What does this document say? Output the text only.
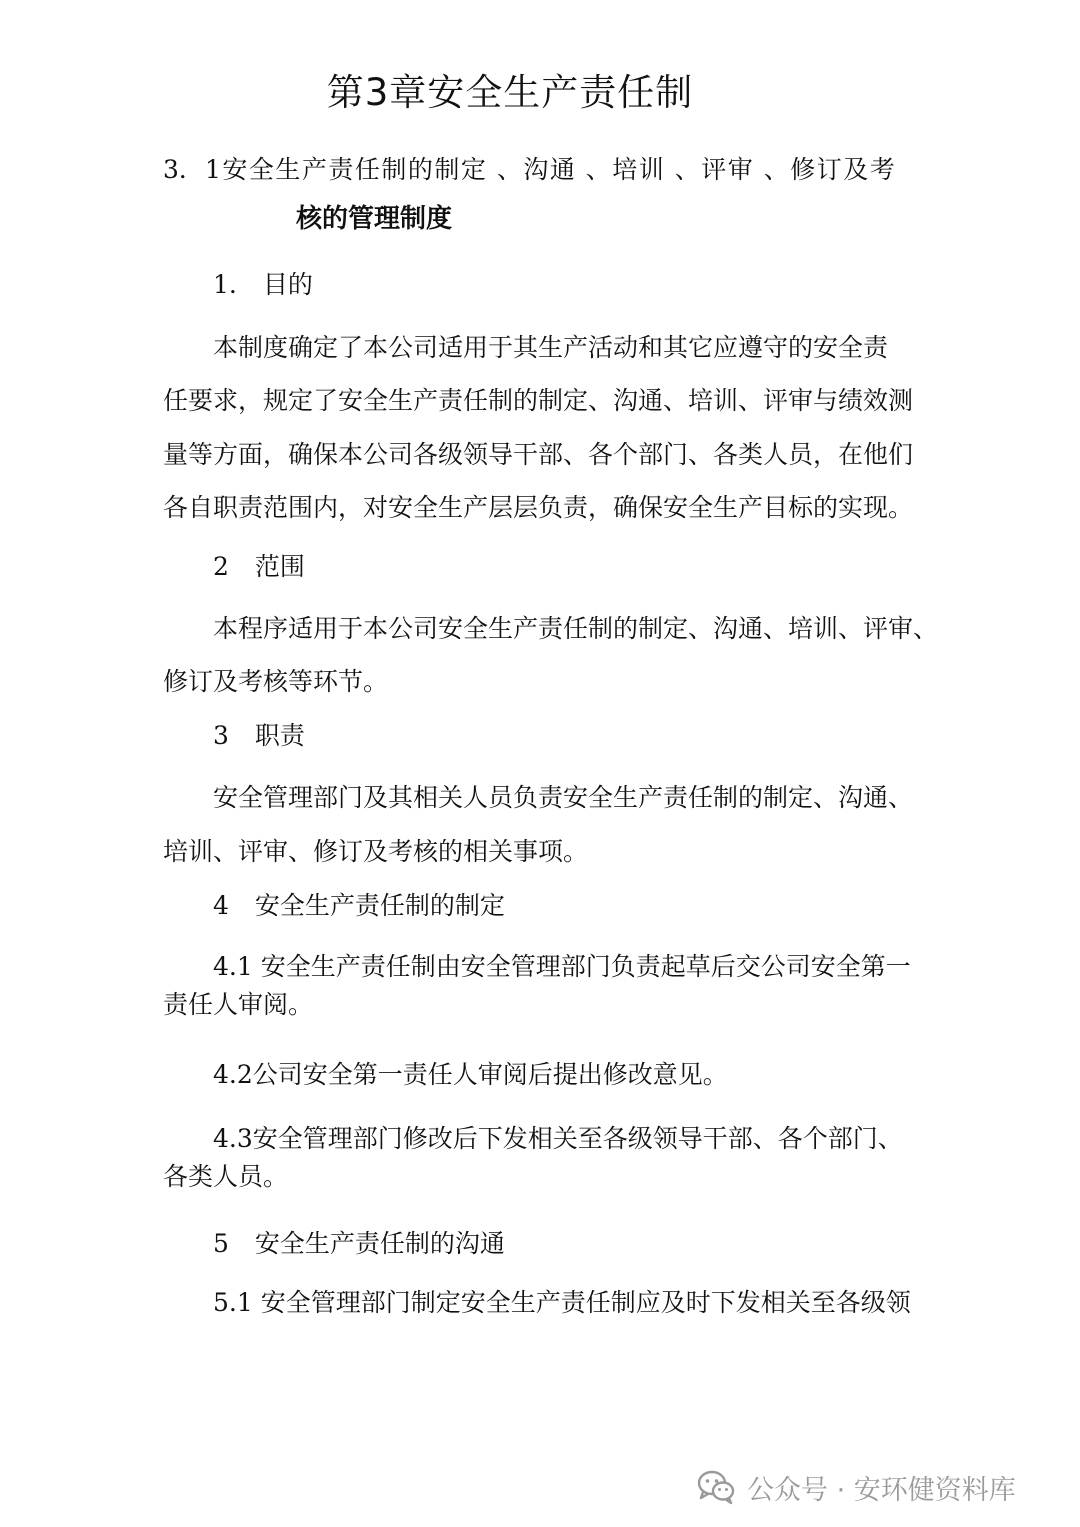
第3章安全生产责任制
3． 1安全生产责任制的制定 、沟通 、培训 、评审 、修订及考
核的管理制度
1. 目的
本制度确定了本公司适用于其生产活动和其它应遵守的安全责
任要求，规定了安全生产责任制的制定、沟通、培训、评审与绩效测
量等方面，确保本公司各级领导干部、各个部门、各类人员，在他们
各自职责范围内，对安全生产层层负责，确保安全生产目标的实现。
2 范围
本程序适用于本公司安全生产责任制的制定、沟通、培训、评审、
修订及考核等环节。
3 职责
安全管理部门及其相关人员负责安全生产责任制的制定、沟通、
培训、评审、修订及考核的相关事项。
4 安全生产责任制的制定
4.1 安全生产责任制由安全管理部门负责起草后交公司安全第一
责任人审阅。
4.2公司安全第一责任人审阅后提出修改意见。
4.3安全管理部门修改后下发相关至各级领导干部、各个部门、
各类人员。
5 安全生产责任制的沟通
5.1 安全管理部门制定安全生产责任制应及时下发相关至各级领
公众号 · 安环健资料库
